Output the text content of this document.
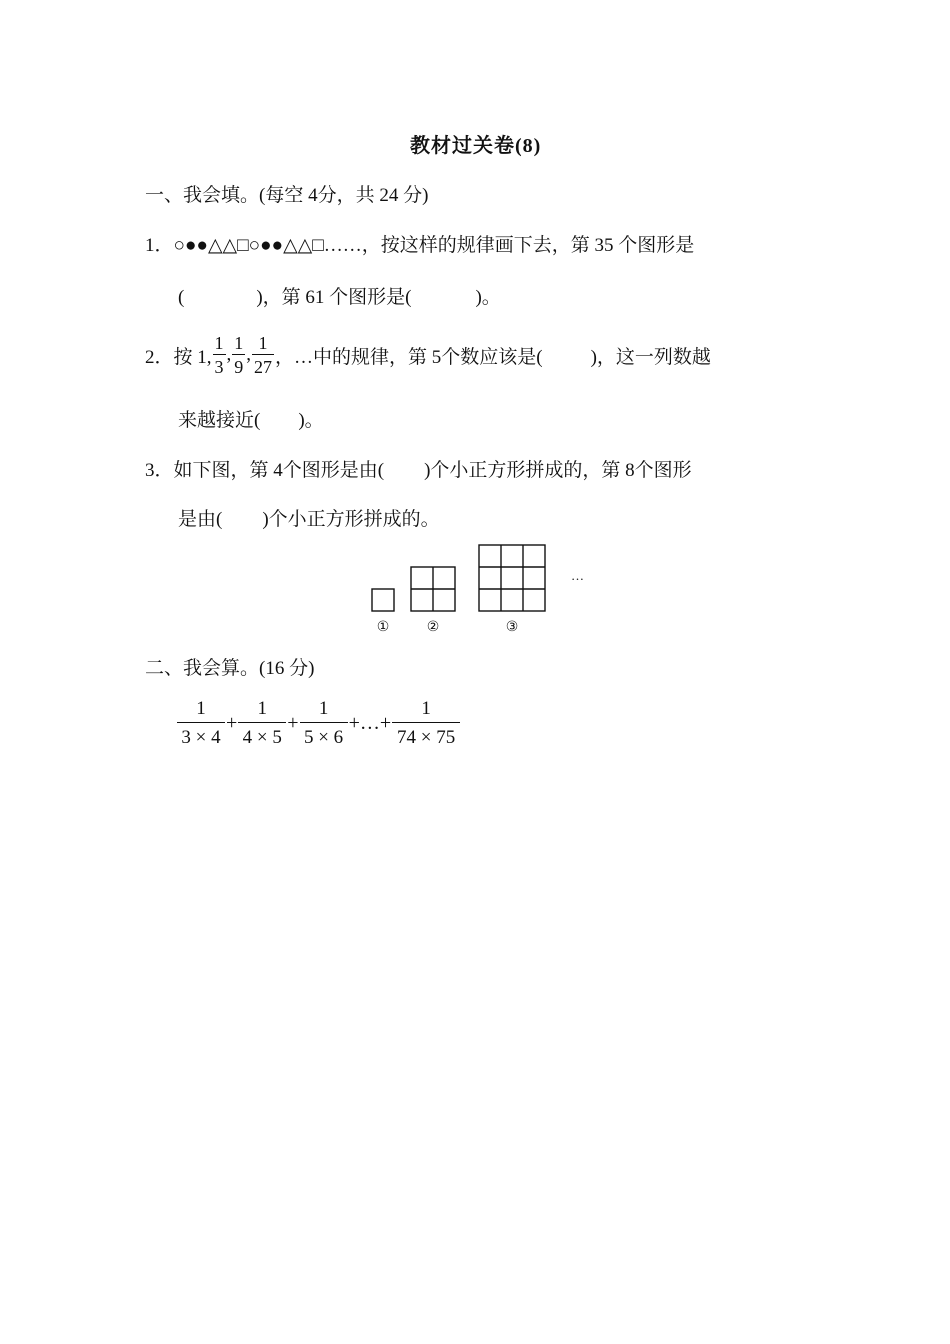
教材过关卷(8)
一、我会填。(每空 4分，共 24 分)
1．○●●△△□○●●△△□……，按这样的规律画下去，第 35 个图形是
(	)，第 61 个图形是(	)。
2． 按 1, $\frac{1}{3}$ , $\frac{1}{9}$ , $\frac{1}{27}$ ，…中的规律，第 5个数应该是(	)，这一列数越
来越接近( )。
3．如下图，第 4个图形是由( )个小正方形拼成的，第 8个图形
是由( )个小正方形拼成的。
…
①	②	③
二、我会算。(16 分)
$\frac{1}{3 \times 4} + \frac{1}{4 \times 5} + \frac{1}{5 \times 6}$ +…+ $\frac{1}{74 \times 75}$
